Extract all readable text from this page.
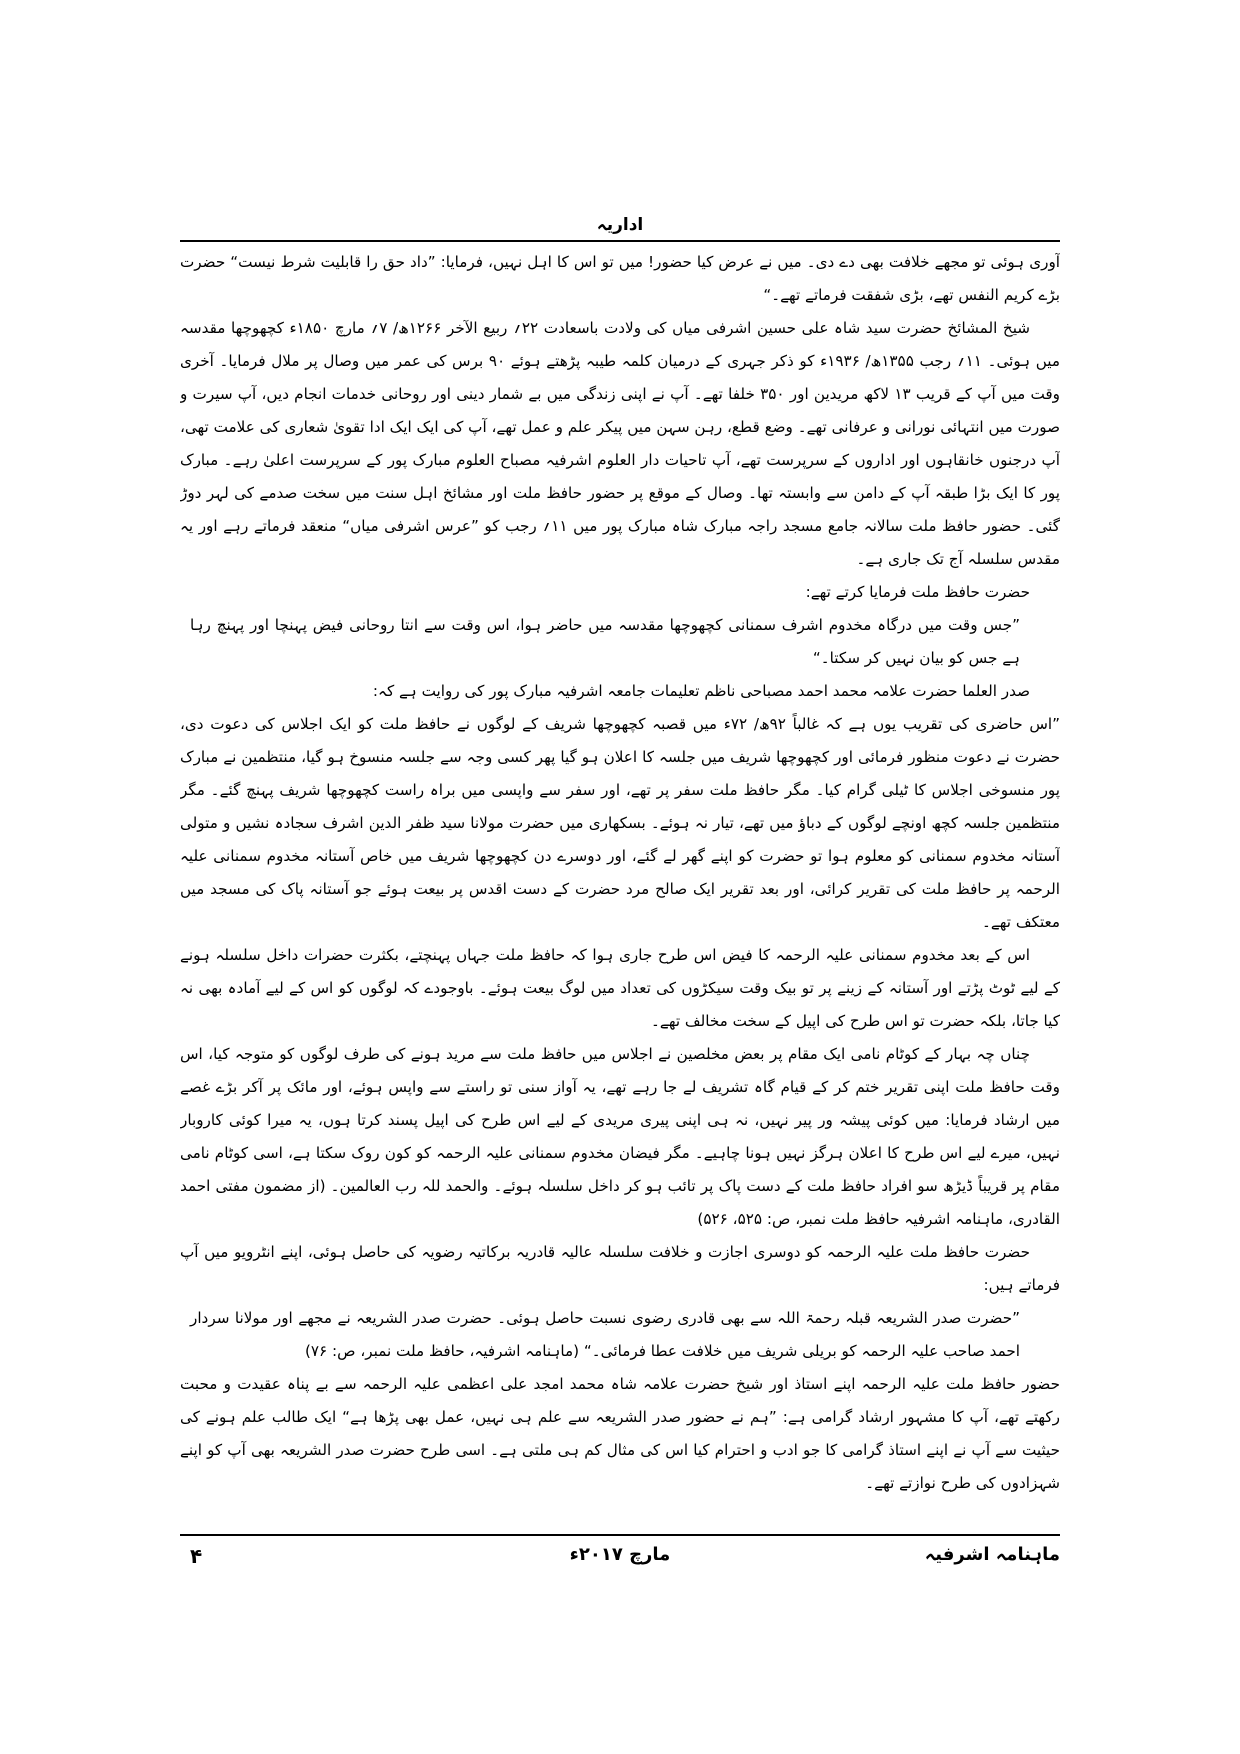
اداریہ

آوری ہوئی تو مجھے خلافت بھی دے دی۔ میں نے عرض کیا حضور! میں تو اس کا اہل نہیں، فرمایا: ”داد حق را قابلیت شرط نیست“ حضرت بڑے کریم النفس تھے، بڑی شفقت فرماتے تھے۔“

شیخ المشائخ حضرت سید شاہ علی حسین اشرفی میاں کی ولادت باسعادت ۲۲؍ ربیع الآخر ۱۲۶۶ھ/ ۷؍ مارچ ۱۸۵۰ء کچھوچھا مقدسہ میں ہوئی۔ ۱۱؍ رجب ۱۳۵۵ھ/ ۱۹۳۶ء کو ذکر جہری کے درمیان کلمہ طیبہ پڑھتے ہوئے ۹۰ برس کی عمر میں وصال پر ملال فرمایا۔ آخری وقت میں آپ کے قریب ۱۳ لاکھ مریدین اور ۳۵۰ خلفا تھے۔ آپ نے اپنی زندگی میں بے شمار دینی اور روحانی خدمات انجام دیں، آپ سیرت و صورت میں انتہائی نورانی و عرفانی تھے۔ وضع قطع، رہن سہن میں پیکر علم و عمل تھے، آپ کی ایک ایک ادا تقویٰ شعاری کی علامت تھی، آپ درجنوں خانقاہوں اور اداروں کے سرپرست تھے، آپ تاحیات دار العلوم اشرفیہ مصباح العلوم مبارک پور کے سرپرست اعلیٰ رہے۔ مبارک پور کا ایک بڑا طبقہ آپ کے دامن سے وابستہ تھا۔ وصال کے موقع پر حضور حافظ ملت اور مشائخ اہل سنت میں سخت صدمے کی لہر دوڑ گئی۔ حضور حافظ ملت سالانہ جامع مسجد راجہ مبارک شاہ مبارک پور میں ۱۱؍ رجب کو ”عرس اشرفی میاں“ منعقد فرماتے رہے اور یہ مقدس سلسلہ آج تک جاری ہے۔

حضرت حافظ ملت فرمایا کرتے تھے:

”جس وقت میں درگاہ مخدوم اشرف سمنانی کچھوچھا مقدسہ میں حاضر ہوا، اس وقت سے انتا روحانی فیض پہنچا اور پہنچ رہا ہے جس کو بیان نہیں کر سکتا۔“

صدر العلما حضرت علامہ محمد احمد مصباحی ناظم تعلیمات جامعہ اشرفیہ مبارک پور کی روایت ہے کہ:

”اس حاضری کی تقریب یوں ہے کہ غالباً ۹۲ھ/ ۷۲ء میں قصبہ کچھوچھا شریف کے لوگوں نے حافظ ملت کو ایک اجلاس کی دعوت دی، حضرت نے دعوت منظور فرمائی اور کچھوچھا شریف میں جلسہ کا اعلان ہو گیا پھر کسی وجہ سے جلسہ منسوخ ہو گیا، منتظمین نے مبارک پور منسوخی اجلاس کا ٹیلی گرام کیا۔ مگر حافظ ملت سفر پر تھے، اور سفر سے واپسی میں براہ راست کچھوچھا شریف پہنچ گئے۔ مگر منتظمین جلسہ کچھ اونچے لوگوں کے دباؤ میں تھے، تیار نہ ہوئے۔ بسکھاری میں حضرت مولانا سید ظفر الدین اشرف سجادہ نشیں و متولی آستانہ مخدوم سمنانی کو معلوم ہوا تو حضرت کو اپنے گھر لے گئے، اور دوسرے دن کچھوچھا شریف میں خاص آستانہ مخدوم سمنانی علیہ الرحمہ پر حافظ ملت کی تقریر کرائی، اور بعد تقریر ایک صالح مرد حضرت کے دست اقدس پر بیعت ہوئے جو آستانہ پاک کی مسجد میں معتکف تھے۔

اس کے بعد مخدوم سمنانی علیہ الرحمہ کا فیض اس طرح جاری ہوا کہ حافظ ملت جہاں پہنچتے، بکثرت حضرات داخل سلسلہ ہونے کے لیے ٹوٹ پڑتے اور آستانہ کے زینے پر تو بیک وقت سیکڑوں کی تعداد میں لوگ بیعت ہوئے۔ باوجودے کہ لوگوں کو اس کے لیے آمادہ بھی نہ کیا جاتا، بلکہ حضرت تو اس طرح کی اپیل کے سخت مخالف تھے۔

چناں چہ بہار کے کوٹام نامی ایک مقام پر بعض مخلصین نے اجلاس میں حافظ ملت سے مرید ہونے کی طرف لوگوں کو متوجہ کیا، اس وقت حافظ ملت اپنی تقریر ختم کر کے قیام گاہ تشریف لے جا رہے تھے، یہ آواز سنی تو راستے سے واپس ہوئے، اور مائک پر آکر بڑے غصے میں ارشاد فرمایا: میں کوئی پیشہ ور پیر نہیں، نہ ہی اپنی پیری مریدی کے لیے اس طرح کی اپیل پسند کرتا ہوں، یہ میرا کوئی کاروبار نہیں، میرے لیے اس طرح کا اعلان ہرگز نہیں ہونا چاہیے۔ مگر فیضان مخدوم سمنانی علیہ الرحمہ کو کون روک سکتا ہے، اسی کوٹام نامی مقام پر قریباً ڈیڑھ سو افراد حافظ ملت کے دست پاک پر تائب ہو کر داخل سلسلہ ہوئے۔ والحمد للہ رب العالمین۔ (از مضمون مفتی احمد القادری، ماہنامہ اشرفیہ حافظ ملت نمبر، ص: ۵۲۵، ۵۲۶)

حضرت حافظ ملت علیہ الرحمہ کو دوسری اجازت و خلافت سلسلہ عالیہ قادریہ برکاتیہ رضویہ کی حاصل ہوئی، اپنے انٹرویو میں آپ فرماتے ہیں:

”حضرت صدر الشریعہ قبلہ رحمۃ اللہ سے بھی قادری رضوی نسبت حاصل ہوئی۔ حضرت صدر الشریعہ نے مجھے اور مولانا سردار احمد صاحب علیہ الرحمہ کو بریلی شریف میں خلافت عطا فرمائی۔“ (ماہنامہ اشرفیہ، حافظ ملت نمبر، ص: ۷۶)

حضور حافظ ملت علیہ الرحمہ اپنے استاذ اور شیخ حضرت علامہ شاہ محمد امجد علی اعظمی علیہ الرحمہ سے بے پناہ عقیدت و محبت رکھتے تھے، آپ کا مشہور ارشاد گرامی ہے: ”ہم نے حضور صدر الشریعہ سے علم ہی نہیں، عمل بھی پڑھا ہے“ ایک طالب علم ہونے کی حیثیت سے آپ نے اپنے استاذ گرامی کا جو ادب و احترام کیا اس کی مثال کم ہی ملتی ہے۔ اسی طرح حضرت صدر الشریعہ بھی آپ کو اپنے شہزادوں کی طرح نوازتے تھے۔

ماہنامہ اشرفیہ
مارچ ۲۰۱۷ء
۴
